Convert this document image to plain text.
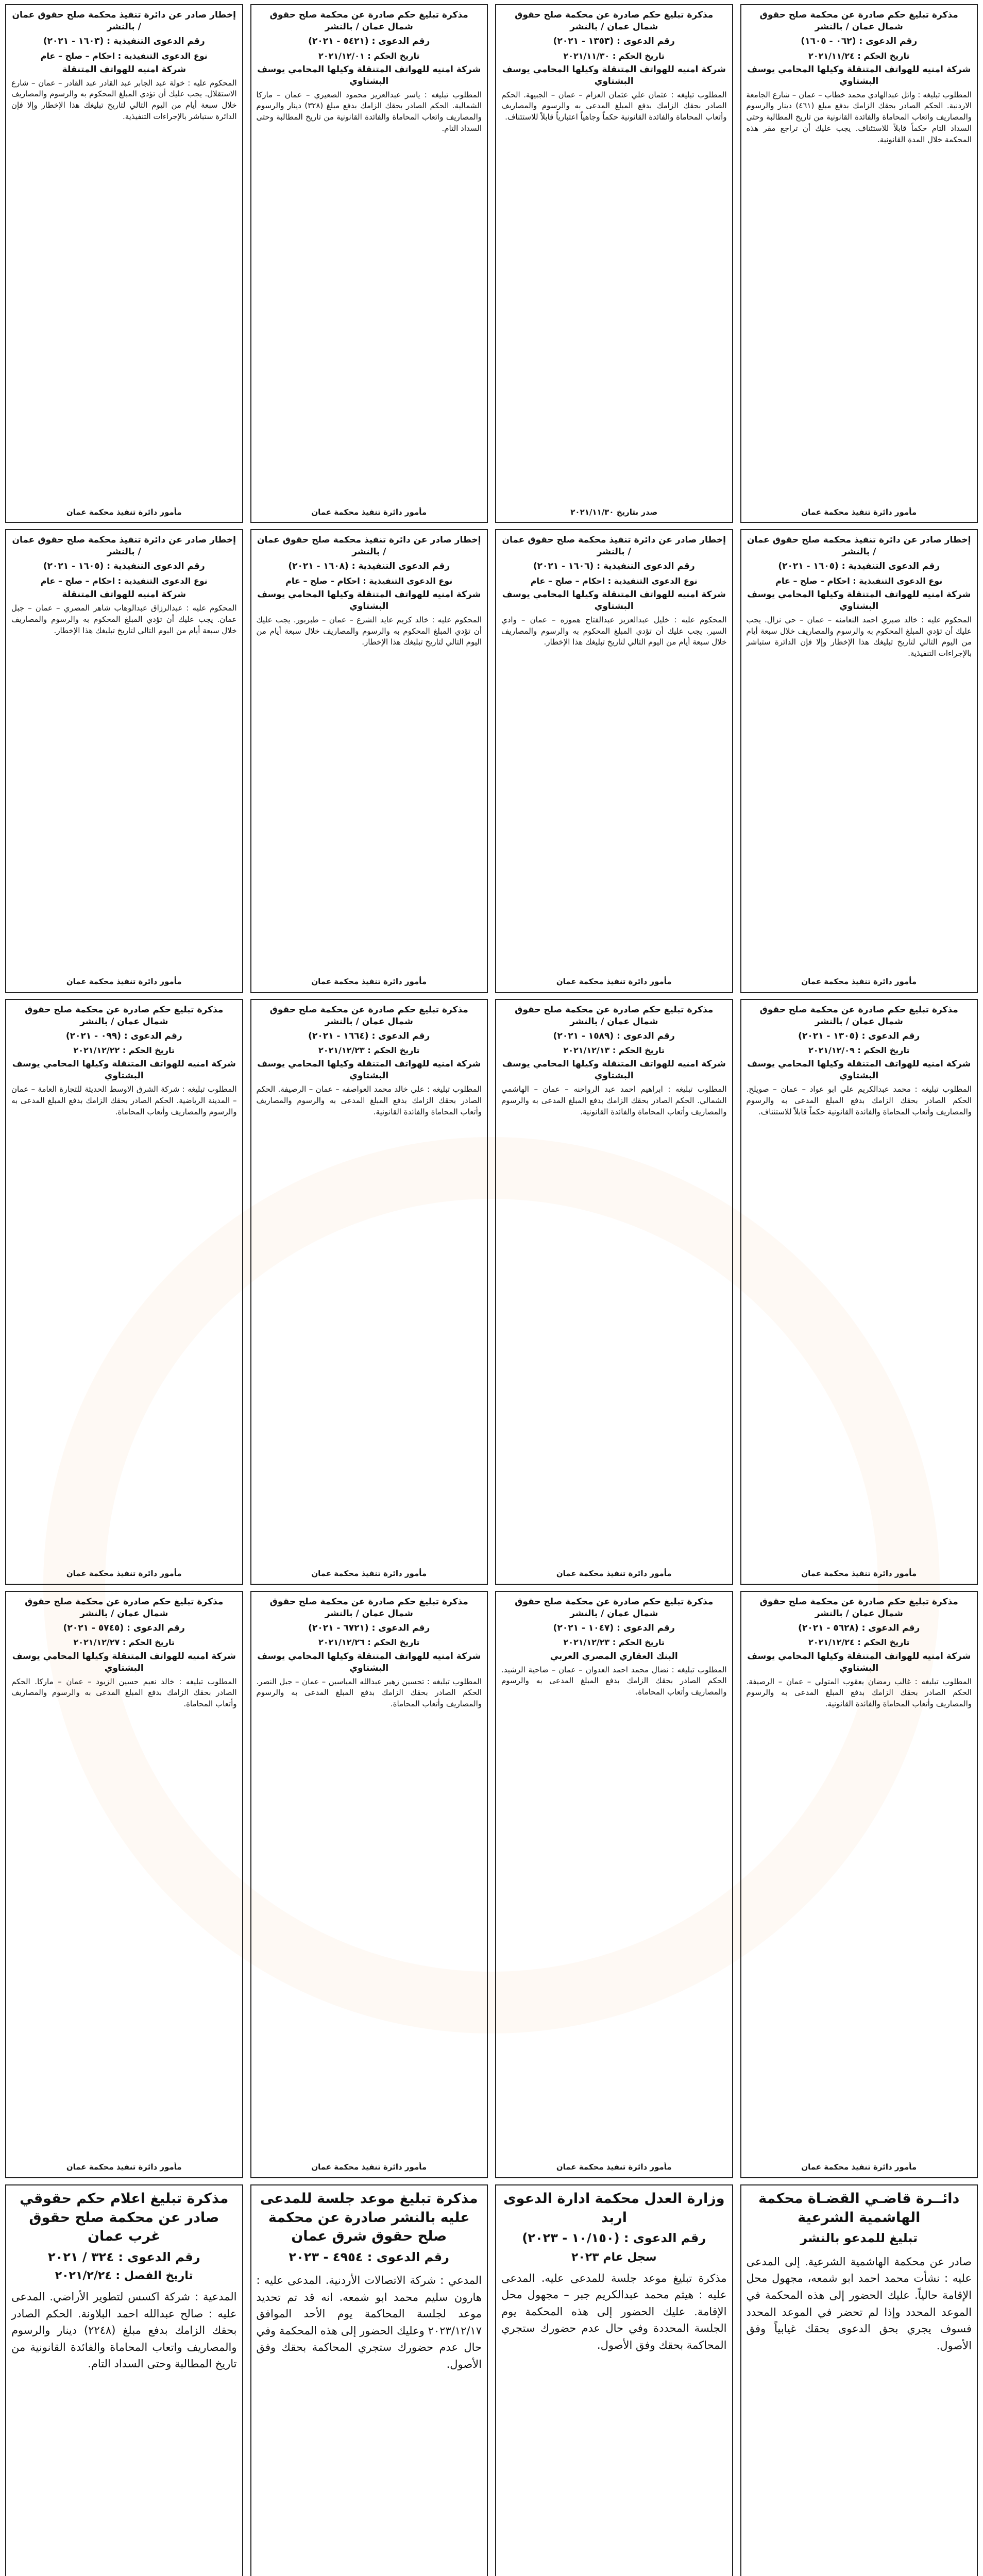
مذكرة تبليغ حكم صادرة عن محكمة صلح حقوق شمال عمان / بالنشر
رقم الدعوى : (٠٦٢ - ١٦٠٥)
تاريخ الحكم : ٢٠٢١/١١/٢٤
شركة امنيه للهواتف المتنقلة وكيلها المحامي يوسف البشتاوي
المطلوب تبليغه : وائل عبدالهادي محمد خطاب – عمان – شارع الجامعة الاردنية. الحكم الصادر بحقك الزامك بدفع مبلغ (٤٦١) دينار والرسوم والمصاريف واتعاب المحاماة والفائدة القانونية من تاريخ المطالبة وحتى السداد التام حكماً قابلاً للاستئناف. يجب عليك أن تراجع مقر هذه المحكمة خلال المدة القانونية.
مأمور دائرة تنفيذ محكمة عمان
مذكرة تبليغ حكم صادرة عن محكمة صلح حقوق شمال عمان / بالنشر
رقم الدعوى : (١٣٥٣ - ٢٠٢١)
تاريخ الحكم : ٢٠٢١/١١/٣٠
شركة امنيه للهواتف المتنقلة وكيلها المحامي يوسف البشتاوي
المطلوب تبليغه : عثمان علي عثمان العزام – عمان – الجبيهة. الحكم الصادر بحقك الزامك بدفع المبلغ المدعى به والرسوم والمصاريف وأتعاب المحاماة والفائدة القانونية حكماً وجاهياً اعتبارياً قابلاً للاستئناف.
صدر بتاريخ ٢٠٢١/١١/٣٠
مذكرة تبليغ حكم صادرة عن محكمة صلح حقوق شمال عمان / بالنشر
رقم الدعوى : (٥٤٢١ - ٢٠٢١)
تاريخ الحكم : ٢٠٢١/١٢/٠١
شركة امنيه للهواتف المتنقلة وكيلها المحامي يوسف البشتاوي
المطلوب تبليغه : ياسر عبدالعزيز محمود الصعيري – عمان – ماركا الشمالية. الحكم الصادر بحقك الزامك بدفع مبلغ (٣٢٨) دينار والرسوم والمصاريف واتعاب المحاماة والفائدة القانونية من تاريخ المطالبة وحتى السداد التام.
مأمور دائرة تنفيذ محكمة عمان
إخطار صادر عن دائرة تنفيذ محكمة صلح حقوق عمان / بالنشر
رقم الدعوى التنفيذية : (١٦٠٣ - ٢٠٢١)
نوع الدعوى التنفيذية : احكام – صلح – عام
شركة امنيه للهواتف المتنقلة
المحكوم عليه : خولة عبد الجابر عبد القادر عبد القادر – عمان – شارع الاستقلال. يجب عليك أن تؤدي المبلغ المحكوم به والرسوم والمصاريف خلال سبعة أيام من اليوم التالي لتاريخ تبليغك هذا الإخطار وإلا فإن الدائرة ستباشر بالإجراءات التنفيذية.
مأمور دائرة تنفيذ محكمة عمان
إخطار صادر عن دائرة تنفيذ محكمة صلح حقوق عمان / بالنشر
رقم الدعوى التنفيذية : (١٦٠٥ - ٢٠٢١)
نوع الدعوى التنفيذية : احكام – صلح – عام
شركة امنيه للهواتف المتنقلة وكيلها المحامي يوسف البشتاوي
المحكوم عليه : خالد صبري احمد النعامنه – عمان – حي نزال. يجب عليك أن تؤدي المبلغ المحكوم به والرسوم والمصاريف خلال سبعة أيام من اليوم التالي لتاريخ تبليغك هذا الإخطار وإلا فإن الدائرة ستباشر بالإجراءات التنفيذية.
مأمور دائرة تنفيذ محكمة عمان
إخطار صادر عن دائرة تنفيذ محكمة صلح حقوق عمان / بالنشر
رقم الدعوى التنفيذية : (١٦٠٦ - ٢٠٢١)
نوع الدعوى التنفيذية : احكام – صلح – عام
شركة امنيه للهواتف المتنقلة وكيلها المحامي يوسف البشتاوي
المحكوم عليه : خليل عبدالعزيز عبدالفتاح هموزه – عمان – وادي السير. يجب عليك أن تؤدي المبلغ المحكوم به والرسوم والمصاريف خلال سبعة أيام من اليوم التالي لتاريخ تبليغك هذا الإخطار.
مأمور دائرة تنفيذ محكمة عمان
إخطار صادر عن دائرة تنفيذ محكمة صلح حقوق عمان / بالنشر
رقم الدعوى التنفيذية : (١٦٠٨ - ٢٠٢١)
نوع الدعوى التنفيذية : احكام – صلح – عام
شركة امنيه للهواتف المتنقلة وكيلها المحامي يوسف البشتاوي
المحكوم عليه : خالد كريم عايد الشرع – عمان – طبربور. يجب عليك أن تؤدي المبلغ المحكوم به والرسوم والمصاريف خلال سبعة أيام من اليوم التالي لتاريخ تبليغك هذا الإخطار.
مأمور دائرة تنفيذ محكمة عمان
إخطار صادر عن دائرة تنفيذ محكمة صلح حقوق عمان / بالنشر
رقم الدعوى التنفيذية : (١٦٠٥ - ٢٠٢١)
نوع الدعوى التنفيذية : احكام – صلح – عام
شركة امنيه للهواتف المتنقلة
المحكوم عليه : عبدالرزاق عبدالوهاب شاهر المصري – عمان – جبل عمان. يجب عليك أن تؤدي المبلغ المحكوم به والرسوم والمصاريف خلال سبعة أيام من اليوم التالي لتاريخ تبليغك هذا الإخطار.
مأمور دائرة تنفيذ محكمة عمان
مذكرة تبليغ حكم صادرة عن محكمة صلح حقوق شمال عمان / بالنشر
رقم الدعوى : (١٣٠٥ - ٢٠٢١)
تاريخ الحكم : ٢٠٢١/١٢/٠٩
شركة امنيه للهواتف المتنقلة وكيلها المحامي يوسف البشتاوي
المطلوب تبليغه : محمد عبدالكريم علي ابو عواد – عمان – صويلح. الحكم الصادر بحقك الزامك بدفع المبلغ المدعى به والرسوم والمصاريف وأتعاب المحاماة والفائدة القانونية حكماً قابلاً للاستئناف.
مأمور دائرة تنفيذ محكمة عمان
مذكرة تبليغ حكم صادرة عن محكمة صلح حقوق شمال عمان / بالنشر
رقم الدعوى : (١٥٨٩ - ٢٠٢١)
تاريخ الحكم : ٢٠٢١/١٢/١٣
شركة امنيه للهواتف المتنقلة وكيلها المحامي يوسف البشتاوي
المطلوب تبليغه : ابراهيم احمد عبد الرواحنه – عمان – الهاشمي الشمالي. الحكم الصادر بحقك الزامك بدفع المبلغ المدعى به والرسوم والمصاريف وأتعاب المحاماة والفائدة القانونية.
مأمور دائرة تنفيذ محكمة عمان
مذكرة تبليغ حكم صادرة عن محكمة صلح حقوق شمال عمان / بالنشر
رقم الدعوى : (١٦٦٤ - ٢٠٢١)
تاريخ الحكم : ٢٠٢١/١٢/٢٣
شركة امنيه للهواتف المتنقلة وكيلها المحامي يوسف البشتاوي
المطلوب تبليغه : علي خالد محمد العواصفه – عمان – الرصيفة. الحكم الصادر بحقك الزامك بدفع المبلغ المدعى به والرسوم والمصاريف وأتعاب المحاماة والفائدة القانونية.
مأمور دائرة تنفيذ محكمة عمان
مذكرة تبليغ حكم صادرة عن محكمة صلح حقوق شمال عمان / بالنشر
رقم الدعوى : (٠٩٩ - ٢٠٢١)
تاريخ الحكم : ٢٠٢١/١٢/٢٢
شركة امنيه للهواتف المتنقلة وكيلها المحامي يوسف البشتاوي
المطلوب تبليغه : شركة الشرق الاوسط الحديثة للتجارة العامة – عمان – المدينة الرياضية. الحكم الصادر بحقك الزامك بدفع المبلغ المدعى به والرسوم والمصاريف وأتعاب المحاماة.
مأمور دائرة تنفيذ محكمة عمان
مذكرة تبليغ حكم صادرة عن محكمة صلح حقوق شمال عمان / بالنشر
رقم الدعوى : (٥٦٢٨ - ٢٠٢١)
تاريخ الحكم : ٢٠٢١/١٢/٢٤
شركة امنيه للهواتف المتنقلة وكيلها المحامي يوسف البشتاوي
المطلوب تبليغه : غالب رمضان يعقوب المتولي – عمان – الرصيفة. الحكم الصادر بحقك الزامك بدفع المبلغ المدعى به والرسوم والمصاريف وأتعاب المحاماة والفائدة القانونية.
مأمور دائرة تنفيذ محكمة عمان
مذكرة تبليغ حكم صادرة عن محكمة صلح حقوق شمال عمان / بالنشر
رقم الدعوى : (١٠٤٧ - ٢٠٢١)
تاريخ الحكم : ٢٠٢١/١٢/٢٣
البنك العقاري المصري العربي
المطلوب تبليغه : نضال محمد احمد العدوان – عمان – ضاحية الرشيد. الحكم الصادر بحقك الزامك بدفع المبلغ المدعى به والرسوم والمصاريف وأتعاب المحاماة.
مأمور دائرة تنفيذ محكمة عمان
مذكرة تبليغ حكم صادرة عن محكمة صلح حقوق شمال عمان / بالنشر
رقم الدعوى : (٦٧٢١ - ٢٠٢١)
تاريخ الحكم : ٢٠٢١/١٢/٢٦
شركة امنيه للهواتف المتنقلة وكيلها المحامي يوسف البشتاوي
المطلوب تبليغه : تحسين زهير عبدالله المياسين – عمان – جبل النصر. الحكم الصادر بحقك الزامك بدفع المبلغ المدعى به والرسوم والمصاريف وأتعاب المحاماة.
مأمور دائرة تنفيذ محكمة عمان
مذكرة تبليغ حكم صادرة عن محكمة صلح حقوق شمال عمان / بالنشر
رقم الدعوى : (٥٧٤٥ - ٢٠٢١)
تاريخ الحكم : ٢٠٢١/١٢/٢٧
شركة امنيه للهواتف المتنقلة وكيلها المحامي يوسف البشتاوي
المطلوب تبليغه : خالد نعيم حسين الزيود – عمان – ماركا. الحكم الصادر بحقك الزامك بدفع المبلغ المدعى به والرسوم والمصاريف وأتعاب المحاماة.
مأمور دائرة تنفيذ محكمة عمان
دائــرة قاضـي القضـاة محكمة الهاشمية الشرعية
تبليغ للمدعو بالنشر
صادر عن محكمة الهاشمية الشرعية. إلى المدعى عليه : نشأت محمد احمد ابو شمعه، مجهول محل الإقامة حالياً. عليك الحضور إلى هذه المحكمة في الموعد المحدد وإذا لم تحضر في الموعد المحدد فسوف يجري بحق الدعوى بحقك غيابياً وفق الأصول.
وزارة العدل محكمة ادارة الدعوى اربد
رقم الدعوى : (١٠/١٥٠ - ٢٠٢٣)
سجل عام ٢٠٢٣
مذكرة تبليغ موعد جلسة للمدعى عليه. المدعى عليه : هيثم محمد عبدالكريم جبر – مجهول محل الإقامة. عليك الحضور إلى هذه المحكمة يوم الجلسة المحددة وفي حال عدم حضورك ستجري المحاكمة بحقك وفق الأصول.
مذكرة تبليغ موعد جلسة للمدعى عليه بالنشر صادرة عن محكمة صلح حقوق شرق عمان
رقم الدعوى : ٤٩٥٤ - ٢٠٢٣
المدعي : شركة الاتصالات الأردنية. المدعى عليه : هارون سليم محمد ابو شمعه. انه قد تم تحديد موعد لجلسة المحاكمة يوم الأحد الموافق ٢٠٢٣/١٢/١٧ وعليك الحضور إلى هذه المحكمة وفي حال عدم حضورك ستجري المحاكمة بحقك وفق الأصول.
مذكرة تبليغ اعلام حكم حقوقي صادر عن محكمة صلح حقوق غرب عمان
رقم الدعوى : ٣٢٤ / ٢٠٢١
تاريخ الفصل : ٢٠٢١/٢/٢٤
المدعية : شركة اكسس لتطوير الأراضي. المدعى عليه : صالح عبدالله احمد البلاونة. الحكم الصادر بحقك الزامك بدفع مبلغ (٢٢٤٨) دينار والرسوم والمصاريف واتعاب المحاماة والفائدة القانونية من تاريخ المطالبة وحتى السداد التام.
